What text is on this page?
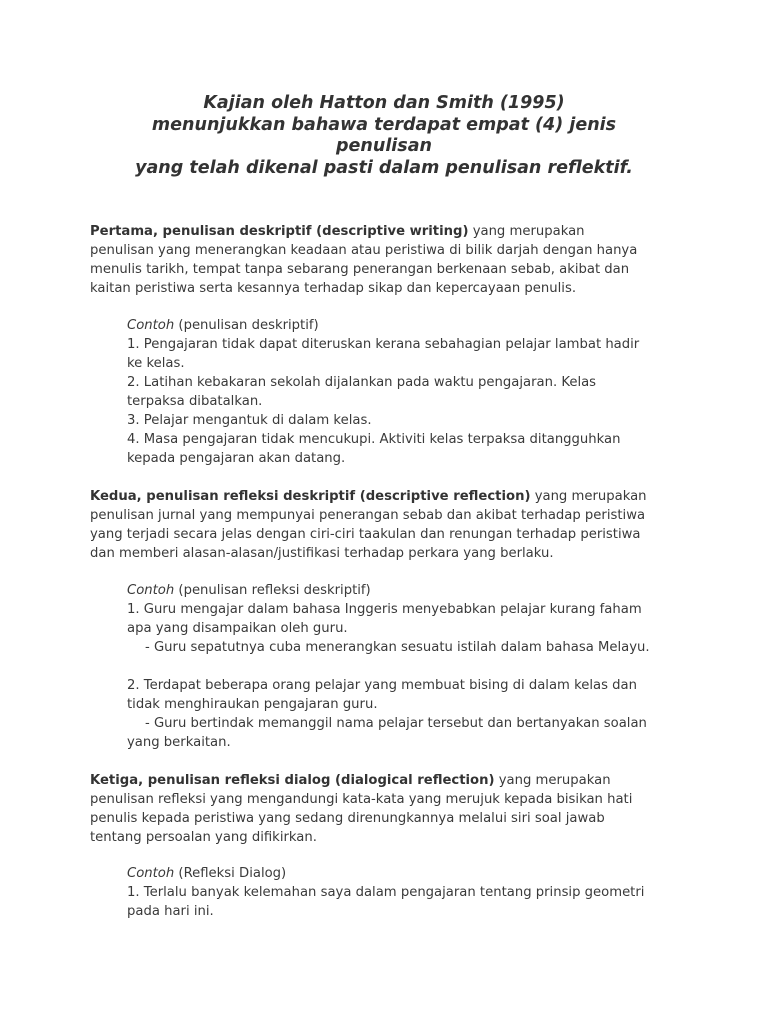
Kajian oleh Hatton dan Smith (1995)
menunjukkan bahawa terdapat empat (4) jenis
penulisan
yang telah dikenal pasti dalam penulisan reflektif.
Pertama, penulisan deskriptif (descriptive writing) yang merupakan
penulisan yang menerangkan keadaan atau peristiwa di bilik darjah dengan hanya
menulis tarikh, tempat tanpa sebarang penerangan berkenaan sebab, akibat dan
kaitan peristiwa serta kesannya terhadap sikap dan kepercayaan penulis.
Contoh (penulisan deskriptif)
1. Pengajaran tidak dapat diteruskan kerana sebahagian pelajar lambat hadir
ke kelas.
2. Latihan kebakaran sekolah dijalankan pada waktu pengajaran. Kelas
terpaksa dibatalkan.
3. Pelajar mengantuk di dalam kelas.
4. Masa pengajaran tidak mencukupi. Aktiviti kelas terpaksa ditangguhkan
kepada pengajaran akan datang.
Kedua, penulisan refleksi deskriptif (descriptive reflection) yang merupakan
penulisan jurnal yang mempunyai penerangan sebab dan akibat terhadap peristiwa
yang terjadi secara jelas dengan ciri-ciri taakulan dan renungan terhadap peristiwa
dan memberi alasan-alasan/justifikasi terhadap perkara yang berlaku.
Contoh (penulisan refleksi deskriptif)
1. Guru mengajar dalam bahasa Inggeris menyebabkan pelajar kurang faham
apa yang disampaikan oleh guru.
- Guru sepatutnya cuba menerangkan sesuatu istilah dalam bahasa Melayu.
2. Terdapat beberapa orang pelajar yang membuat bising di dalam kelas dan
tidak menghiraukan pengajaran guru.
- Guru bertindak memanggil nama pelajar tersebut dan bertanyakan soalan
yang berkaitan.
Ketiga, penulisan refleksi dialog (dialogical reflection) yang merupakan
penulisan refleksi yang mengandungi kata-kata yang merujuk kepada bisikan hati
penulis kepada peristiwa yang sedang direnungkannya melalui siri soal jawab
tentang persoalan yang difikirkan.
Contoh (Refleksi Dialog)
1. Terlalu banyak kelemahan saya dalam pengajaran tentang prinsip geometri
pada hari ini.
